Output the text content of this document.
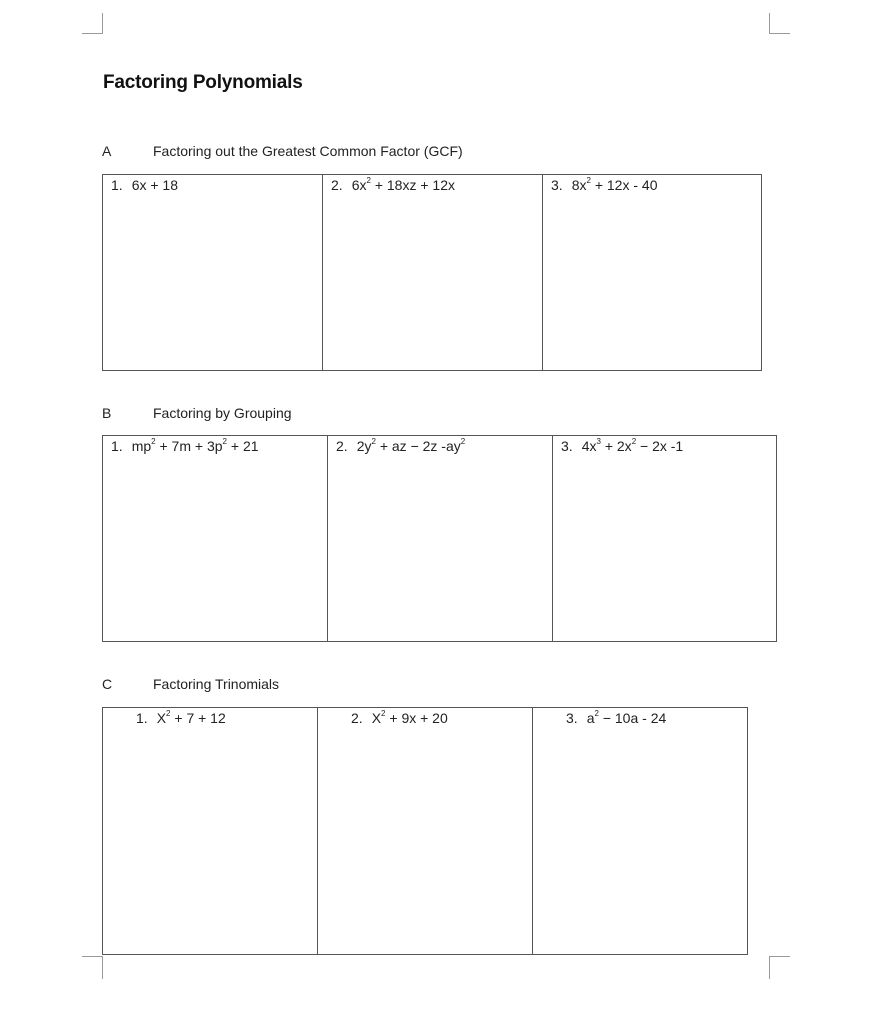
Factoring Polynomials
A	Factoring out the Greatest Common Factor (GCF)
1. 6x + 18	2. $6x^2 + 18xz + 12x$	3. $8x^2 + 12x - 40$
B	Factoring by Grouping
1. $mp^2 + 7m + 3p^2 + 21$	2. $2y^2$ + az − 2z $-ay^2$	3. $4x^3 + 2x^2 - 2x$ -1
C	Factoring Trinomials
1. $X^2 + 7 + 12$	2. $X^2 + 9x + 20$	3. $a^2 - 10a - 24$
